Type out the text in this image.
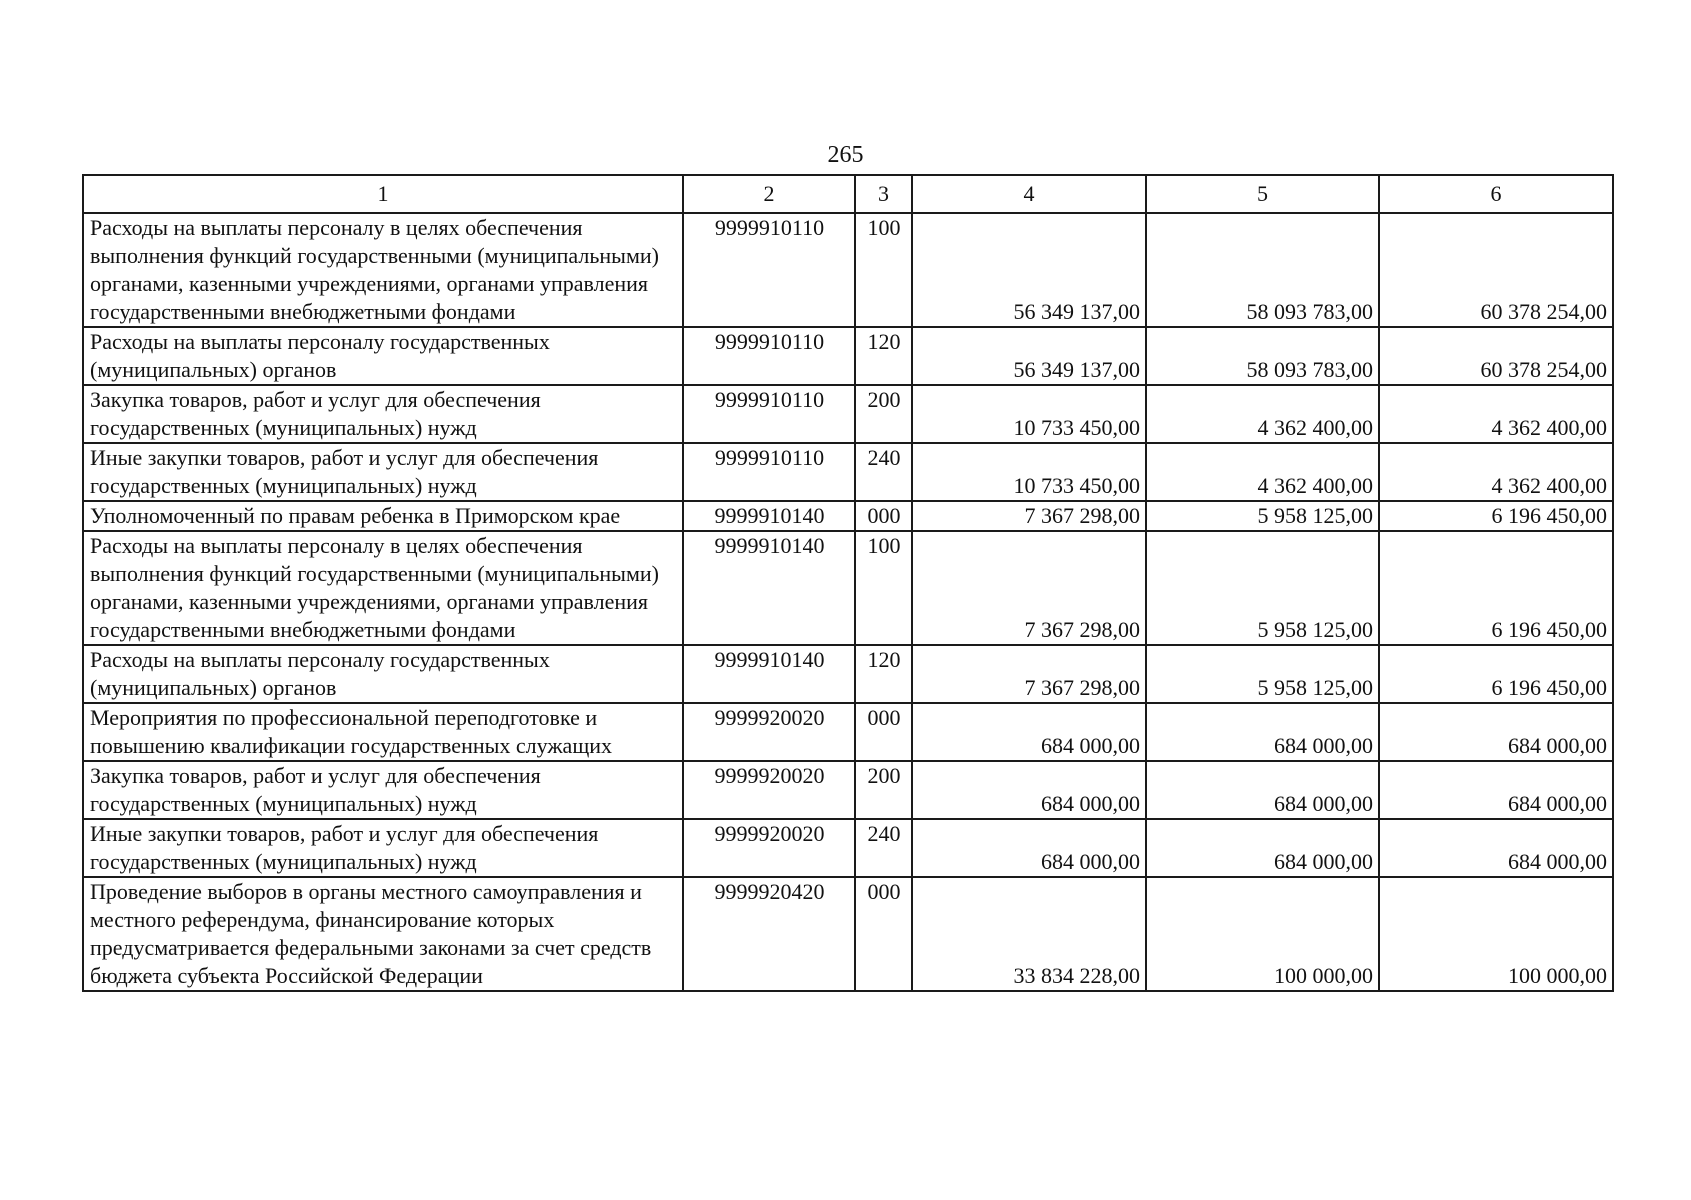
265
1	2	3	4	5	6
Расходы на выплаты персоналу в целях обеспечения выполнения функций государственными (муниципальными) органами, казенными учреждениями, органами управления государственными внебюджетными фондами	9999910110	100	56 349 137,00	58 093 783,00	60 378 254,00
Расходы на выплаты персоналу государственных (муниципальных) органов	9999910110	120	56 349 137,00	58 093 783,00	60 378 254,00
Закупка товаров, работ и услуг для обеспечения государственных (муниципальных) нужд	9999910110	200	10 733 450,00	4 362 400,00	4 362 400,00
Иные закупки товаров, работ и услуг для обеспечения государственных (муниципальных) нужд	9999910110	240	10 733 450,00	4 362 400,00	4 362 400,00
Уполномоченный по правам ребенка в Приморском крае	9999910140	000	7 367 298,00	5 958 125,00	6 196 450,00
Расходы на выплаты персоналу в целях обеспечения выполнения функций государственными (муниципальными) органами, казенными учреждениями, органами управления государственными внебюджетными фондами	9999910140	100	7 367 298,00	5 958 125,00	6 196 450,00
Расходы на выплаты персоналу государственных (муниципальных) органов	9999910140	120	7 367 298,00	5 958 125,00	6 196 450,00
Мероприятия по профессиональной переподготовке и повышению квалификации государственных служащих	9999920020	000	684 000,00	684 000,00	684 000,00
Закупка товаров, работ и услуг для обеспечения государственных (муниципальных) нужд	9999920020	200	684 000,00	684 000,00	684 000,00
Иные закупки товаров, работ и услуг для обеспечения государственных (муниципальных) нужд	9999920020	240	684 000,00	684 000,00	684 000,00
Проведение выборов в органы местного самоуправления и местного референдума, финансирование которых предусматривается федеральными законами за счет средств бюджета субъекта Российской Федерации	9999920420	000	33 834 228,00	100 000,00	100 000,00
